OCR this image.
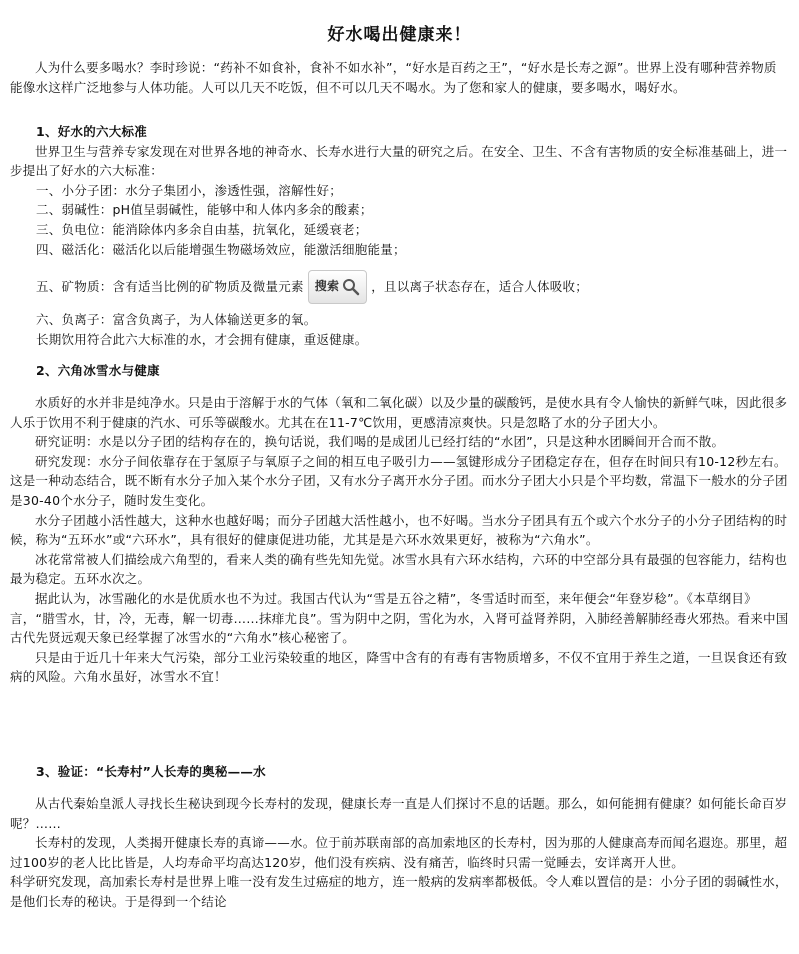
好水喝出健康来！

人为什么要多喝水？李时珍说：“药补不如食补，食补不如水补”，“好水是百药之王”，“好水是长寿之源”。世界上没有哪种营养物质能像水这样广泛地参与人体功能。人可以几天不吃饭，但不可以几天不喝水。为了您和家人的健康，要多喝水，喝好水。

1、好水的六大标准

世界卫生与营养专家发现在对世界各地的神奇水、长寿水进行大量的研究之后。在安全、卫生、不含有害物质的安全标准基础上，进一步提出了好水的六大标准：

一、小分子团：水分子集团小，渗透性强，溶解性好；

二、弱碱性：pH值呈弱碱性，能够中和人体内多余的酸素；

三、负电位：能消除体内多余自由基，抗氧化，延缓衰老；

四、磁活化：磁活化以后能增强生物磁场效应，能激活细胞能量；

五、矿物质：含有适当比例的矿物质及微量元素 搜索	，且以离子状态存在，适合人体吸收；

六、负离子：富含负离子，为人体输送更多的氧。

长期饮用符合此六大标准的水，才会拥有健康，重返健康。

2、六角冰雪水与健康

水质好的水并非是纯净水。只是由于溶解于水的气体（氧和二氧化碳）以及少量的碳酸钙，是使水具有令人愉快的新鲜气味，因此很多人乐于饮用不利于健康的汽水、可乐等碳酸水。尤其在在11-7℃饮用，更感清凉爽快。只是忽略了水的分子团大小。

研究证明：水是以分子团的结构存在的，换句话说，我们喝的是成团儿已经打结的“水团”，只是这种水团瞬间开合而不散。

研究发现：水分子间依靠存在于氢原子与氧原子之间的相互电子吸引力——氢键形成分子团稳定存在，但存在时间只有10-12秒左右。这是一种动态结合，既不断有水分子加入某个水分子团，又有水分子离开水分子团。而水分子团大小只是个平均数，常温下一般水的分子团是30-40个水分子，随时发生变化。

水分子团越小活性越大，这种水也越好喝；而分子团越大活性越小，也不好喝。当水分子团具有五个或六个水分子的小分子团结构的时候，称为“五环水”或“六环水”，具有很好的健康促进功能，尤其是是六环水效果更好，被称为“六角水”。

冰花常常被人们描绘成六角型的，看来人类的确有些先知先觉。冰雪水具有六环水结构，六环的中空部分具有最强的包容能力，结构也最为稳定。五环水次之。

据此认为，冰雪融化的水是优质水也不为过。我国古代认为“雪是五谷之精”，冬雪适时而至，来年便会“年登岁稔”。《本草纲目》言，“腊雪水，甘，冷，无毒，解一切毒……抹痱尤良”。雪为阴中之阴，雪化为水，入肾可益肾养阴，入肺经善解肺经毒火邪热。看来中国古代先贤远观天象已经掌握了冰雪水的“六角水”核心秘密了。

只是由于近几十年来大气污染，部分工业污染较重的地区，降雪中含有的有毒有害物质增多，不仅不宜用于养生之道，一旦误食还有致病的风险。六角水虽好，冰雪水不宜！

3、验证：“长寿村”人长寿的奥秘——水

从古代秦始皇派人寻找长生秘诀到现今长寿村的发现，健康长寿一直是人们探讨不息的话题。那么，如何能拥有健康？如何能长命百岁呢？……

长寿村的发现，人类揭开健康长寿的真谛——水。位于前苏联南部的高加索地区的长寿村，因为那的人健康高寿而闻名遐迩。那里，超过100岁的老人比比皆是，人均寿命平均高达120岁，他们没有疾病、没有痛苦，临终时只需一觉睡去，安详离开人世。

科学研究发现，高加索长寿村是世界上唯一没有发生过癌症的地方，连一般病的发病率都极低。令人难以置信的是：小分子团的弱碱性水，是他们长寿的秘诀。于是得到一个结论
